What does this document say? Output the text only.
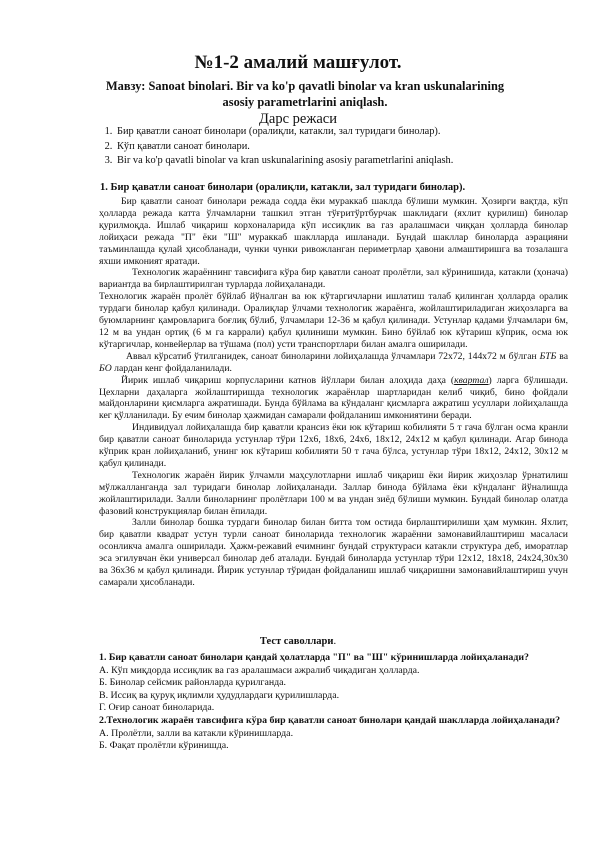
№1-2 амалий машғулот.
Мавзу: Sanoat binolari. Bir va ko'p qavatli binolar va kran uskunalarining asosiy parametrlarini aniqlash.
Дарс режаси
1. Бир қаватли саноат бинолари (оралиқли, катакли, зал туридаги бинолар).
2. Кўп қаватли саноат бинолари.
3. Bir va ko'p qavatli binolar va kran uskunalarining asosiy parametrlarini aniqlash.
1. Бир қаватли саноат бинолари (оралиқли, катакли, зал туридаги бинолар).

Бир қаватли саноат бинолари режада содда ёки мураккаб шаклда бўлиши мумкин. Ҳозирги вақтда, кўп ҳолларда режада катта ўлчамларни ташкил этган тўғритўртбурчак шаклидаги (яхлит қурилиш) бинолар қурилмоқда. Ишлаб чиқариш корхоналарида кўп иссиқлик ва газ аралашмаси чиққан ҳолларда бинолар лойиҳаси режада "П" ёки "Ш" мураккаб шаклларда ишланади. Бундай шакллар биноларда аэрацияни таъминлашда қулай ҳисобланади, чунки чунки ривожланган периметрлар ҳавони алмаштиришга ва тозалашга яхши имконият яратади.

Технологик жараённинг тавсифига кўра бир қаватли саноат пролётли, зал кўринишида, катакли (ҳонача) вариантда ва бирлаштирилган турларда лойиҳаланади.

Технологик жараён пролёт бўйлаб йўналган ва юк кўтаргичларни ишлатиш талаб қилинган ҳолларда оралик турдаги бинолар қабул қилинади. Оралиқлар ўлчами технологик жараёнга, жойлаштириладиган жиҳозларга ва буюмларнинг қамровларига боғлиқ бўлиб, ўлчамлари 12-36 м қабул қилинади. Устунлар қадами ўлчамлари 6м, 12 м ва ундан ортиқ (6 м га каррали) қабул қилиниши мумкин. Бино бўйлаб юк кўтариш кўприк, осма юк кўтаргичлар, конвейерлар ва тўшама (пол) усти транспортлари билан амалга оширилади.

Аввал кўрсатиб ўтилганидек, саноат биноларини лойиҳалашда ўлчамлари 72x72, 144x72 м бўлган БТБ ва БО лардан кенг фойдаланилади.

Йирик ишлаб чиқариш корпусларини катнов йўллари билан алоҳида даҳа (квартал) ларга бўлишади. Цехларни даҳаларга жойлаштиришда технологик жараёнлар шартларидан келиб чиқиб, бино фойдали майдонларини қисмларга ажратишади. Бунда бўйлама ва кўндаланг қисмларга ажратиш усуллари лойиҳалашда кег қўлланилади. Бу ечим бинолар ҳажмидан самарали фойдаланиш имкониятини беради.

Индивидуал лойиҳалашда бир қаватли крансиз ёки юк кўтариш кобилияти 5 т гача бўлган осма кранли бир қаватли саноат биноларида устунлар тўри 12x6, 18x6, 24x6, 18x12, 24x12 м қабул қилинади. Агар бинода кўприк кран лойиҳаланиб, унинг юк кўтариш кобилияти 50 т гача бўлса, устунлар тўри 18x12, 24x12, 30x12 м қабул қилинади.

Технологик жараён йирик ўлчамли маҳсулотларни ишлаб чиқариш ёки йирик жиҳозлар ўрнатилиш мўлжалланганда зал туридаги бинолар лойиҳаланади. Заллар бинода бўйлама ёки кўндаланг йўналишда жойлаштирилади. Залли биноларнинг пролётлари 100 м ва ундан зиёд бўлиши мумкин. Бундай бинолар олатда фазовий конструкциялар билан ёпилади.

Залли бинолар бошка турдаги бинолар билан битта том остида бирлаштирилиши ҳам мумкин. Яхлит, бир қаватли квадрат устун турли саноат биноларида технологик жараённи замонавийлаштириш масаласи осонликча амалга оширилади. Ҳажм-режавий ечимнинг бундай структураси катакли структура деб, иморатлар эса эгилувчан ёки универсал бинолар деб аталади. Бундай биноларда устунлар тўри 12x12, 18x18, 24x24,30x30 ва 36x36 м қабул қилинади. Йирик устунлар тўридан фойдаланиш ишлаб чиқаришни замонавийлаштириш учун самарали ҳисобланади.

Тест саволлари.

1. Бир қаватли саноат бинолари қандай ҳолатларда "П" ва "Ш" кўринишларда лойиҳаланади?

А. Кўп миқдорда иссиқлик ва газ аралашмаси ажралиб чиқадиган ҳолларда.

Б. Бинолар сейсмик районларда қурилганда.

В. Иссиқ ва қуруқ иқлимли ҳудудлардаги қурилишларда.

Г. Оғир саноат биноларида.

2.Технологик жараён тавсифига кўра бир қаватли саноат бинолари қандай шаклларда лойиҳаланади?

А. Пролётли, залли ва катакли кўринишларда.

Б. Фақат пролётли кўринишда.
